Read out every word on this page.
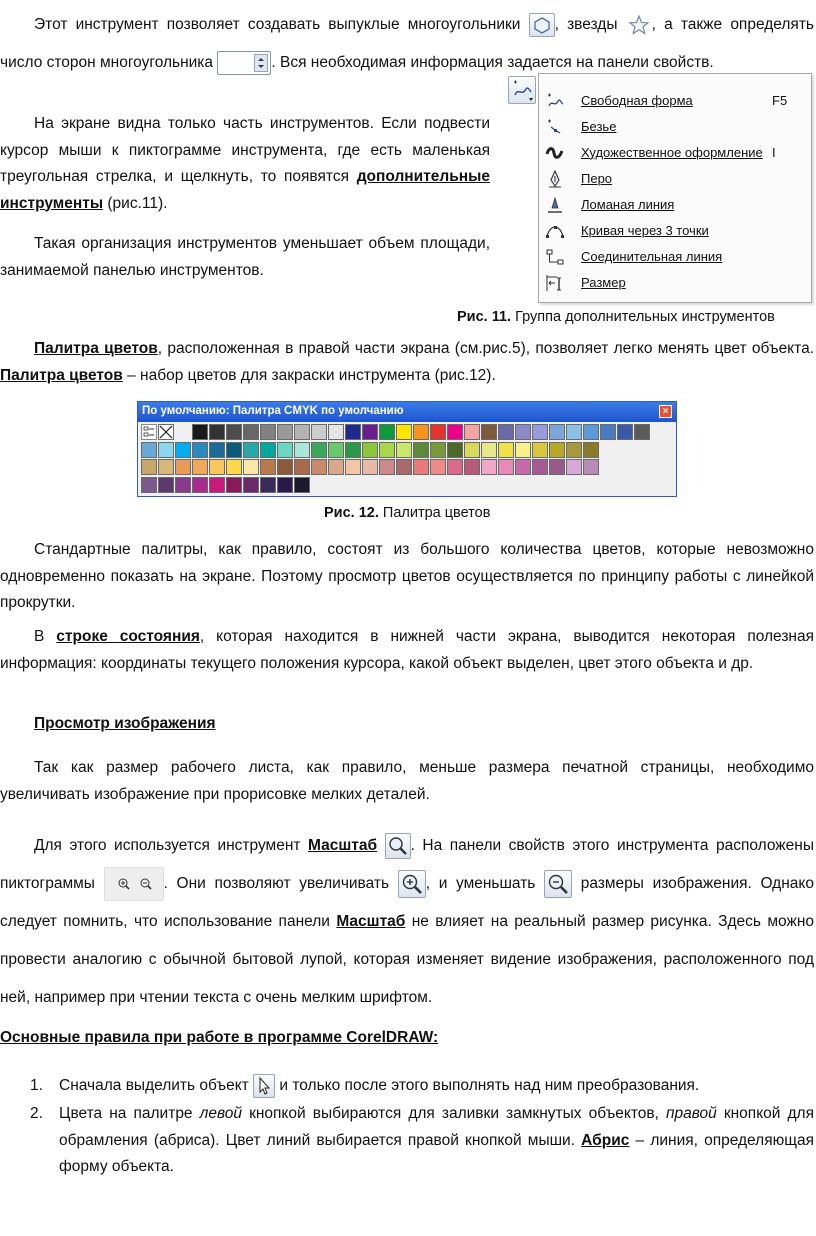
Этот инструмент позволяет создавать выпуклые многоугольники , звезды , а также определять число сторон многоугольника	. Вся необходимая информация задается на панели свойств.
На экране видна только часть инструментов. Если подвести курсор мыши к пиктограмме инструмента, где есть маленькая треугольная стрелка, и щелкнуть, то появятся дополнительные инструменты (рис.11).
Такая организация инструментов уменьшает объем площади, занимаемой панелью инструментов.
Свободная форма	F5
Безье
Художественное оформление I
Перо
Ломаная линия
Кривая через 3 точки
Соединительная линия
Размер
Рис. 11. Группа дополнительных инструментов
Палитра цветов, расположенная в правой части экрана (см.рис.5), позволяет легко менять цвет объекта. Палитра цветов – набор цветов для закраски инструмента (рис.12).
По умолчанию: Палитра CMYK по умолчанию	×
Рис. 12. Палитра цветов
Стандартные палитры, как правило, состоят из большого количества цветов, которые невозможно одновременно показать на экране. Поэтому просмотр цветов осуществляется по принципу работы с линейкой прокрутки.
В строке состояния, которая находится в нижней части экрана, выводится некоторая полезная информация: координаты текущего положения курсора, какой объект выделен, цвет этого объекта и др.
Просмотр изображения
Так как размер рабочего листа, как правило, меньше размера печатной страницы, необходимо увеличивать изображение при прорисовке мелких деталей.
Для этого используется инструмент Масштаб . На панели свойств этого инструмента расположены пиктограммы	. Они позволяют увеличивать , и уменьшать	размеры изображения. Однако следует помнить, что использование панели Масштаб не влияет на реальный размер рисунка. Здесь можно провести аналогию с обычной бытовой лупой, которая изменяет видение изображения, расположенного под ней, например при чтении текста с очень мелким шрифтом.
Основные правила при работе в программе CorelDRAW:
1. Сначала выделить объект и только после этого выполнять над ним преобразования.
2. Цвета на палитре левой кнопкой выбираются для заливки замкнутых объектов, правой кнопкой для обрамления (абриса). Цвет линий выбирается правой кнопкой мыши. Абрис – линия, определяющая форму объекта.
